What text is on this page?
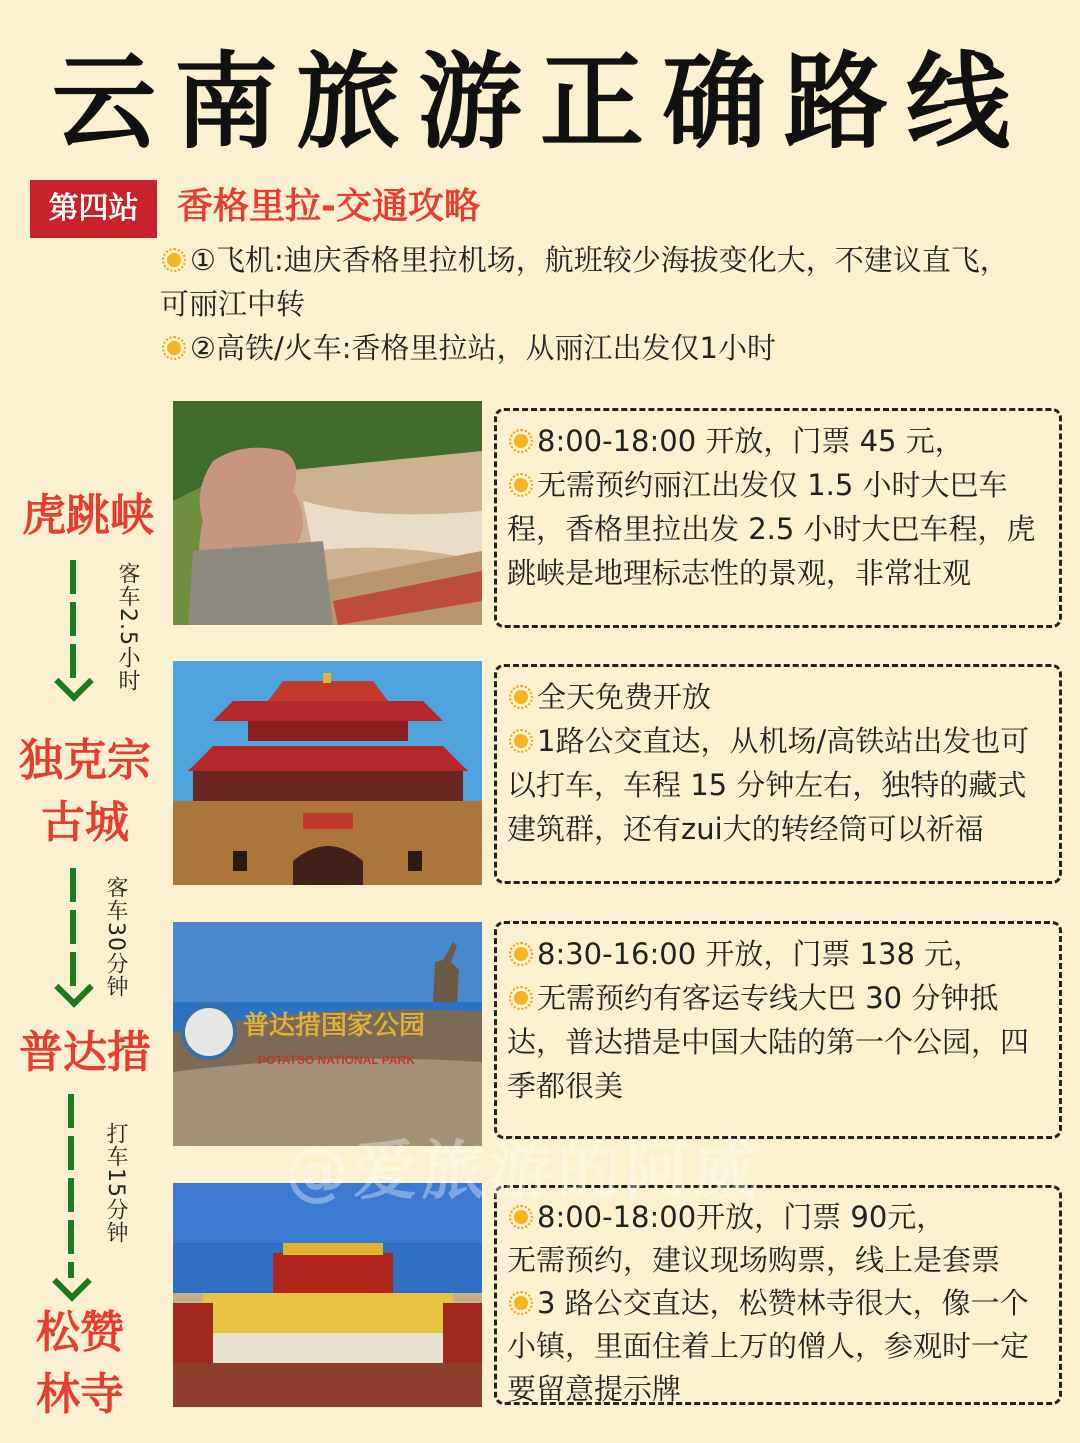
云南旅游正确路线
第四站	香格里拉-交通攻略

①飞机:迪庆香格里拉机场，航班较少海拔变化大，不建议直飞，可丽江中转

②高铁/火车:香格里拉站，从丽江出发仅1小时

虎跳峡
独克宗
古城
普达措
松赞
林寺
客车2.5小时
客车30分钟
打车15分钟
普达措国家公园
POTATSO NATIONAL PARK

8:00-18:00 开放，门票 45 元，

无需预约丽江出发仅 1.5 小时大巴车程，香格里拉出发 2.5 小时大巴车程，虎跳峡是地理标志性的景观，非常壮观

全天免费开放

1路公交直达，从机场/高铁站出发也可以打车，车程 15 分钟左右，独特的藏式建筑群，还有zui大的转经筒可以祈福

8:30-16:00 开放，门票 138 元，

无需预约有客运专线大巴 30 分钟抵达，普达措是中国大陆的第一个公园，四季都很美

8:00-18:00开放，门票 90元，

无需预约，建议现场购票，线上是套票

3 路公交直达，松赞林寺很大，像一个小镇，里面住着上万的僧人，参观时一定要留意提示牌

@爱旅游的阿威
